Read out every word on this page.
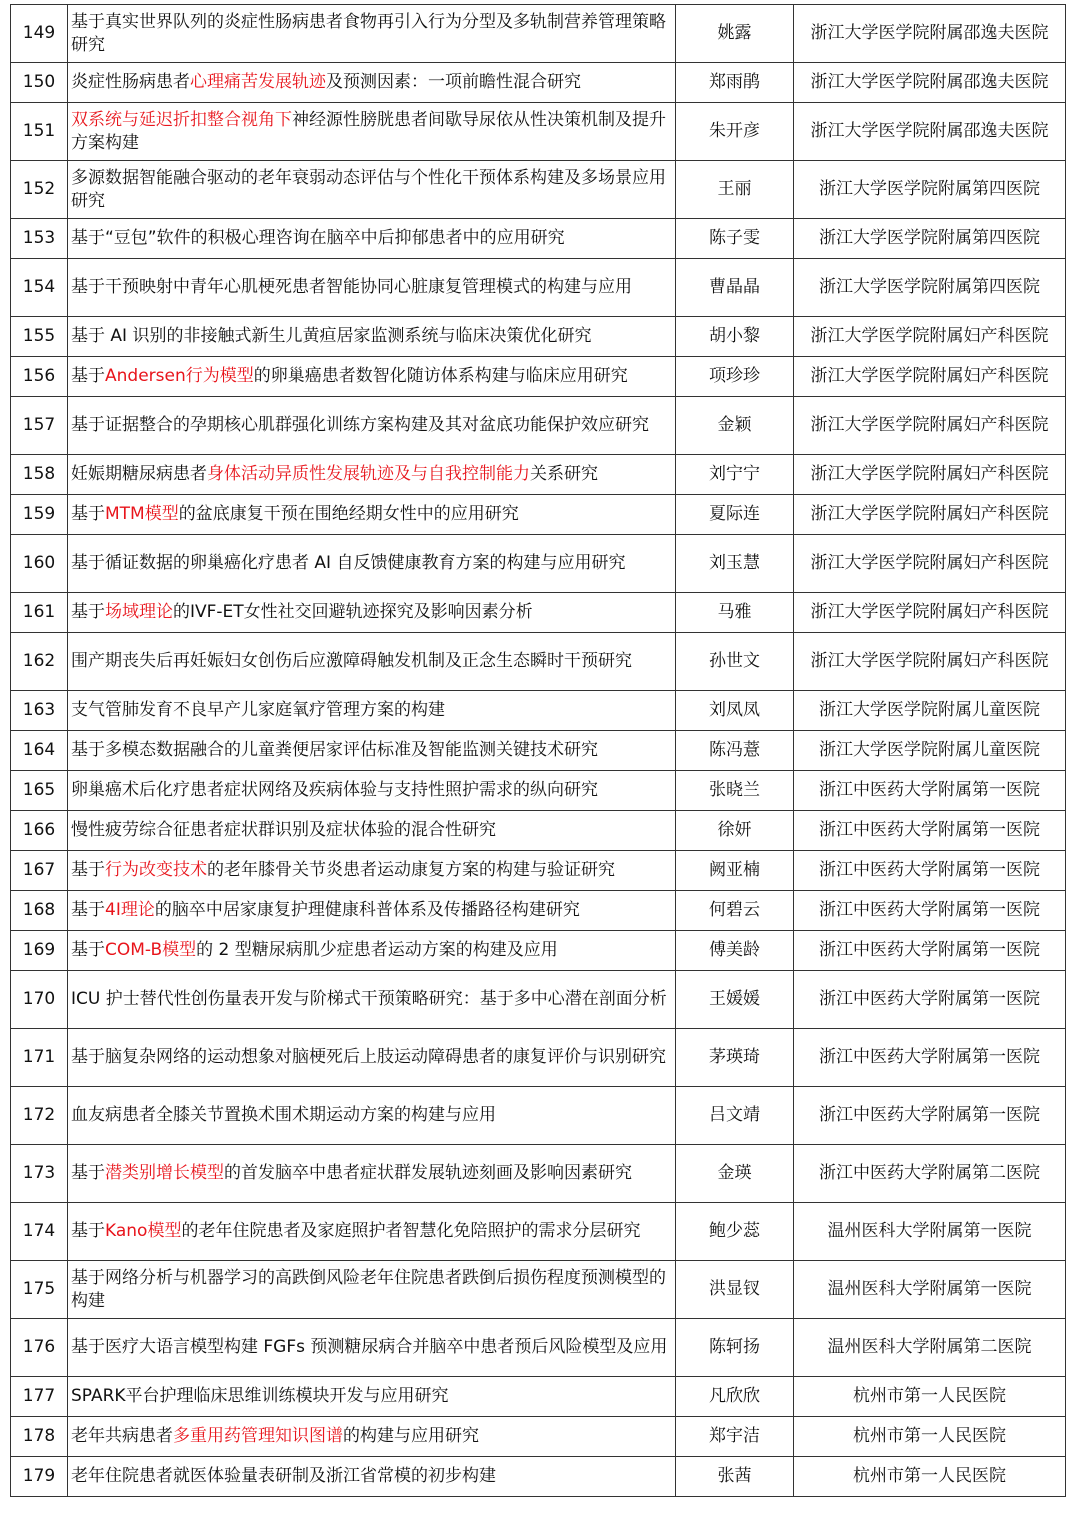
149	基于真实世界队列的炎症性肠病患者食物再引入行为分型及多轨制营养管理策略研究	姚露	浙江大学医学院附属邵逸夫医院
150	炎症性肠病患者心理痛苦发展轨迹及预测因素：一项前瞻性混合研究	郑雨鹃	浙江大学医学院附属邵逸夫医院
151	双系统与延迟折扣整合视角下神经源性膀胱患者间歇导尿依从性决策机制及提升方案构建	朱开彦	浙江大学医学院附属邵逸夫医院
152	多源数据智能融合驱动的老年衰弱动态评估与个性化干预体系构建及多场景应用研究	王丽	浙江大学医学院附属第四医院
153	基于“豆包”软件的积极心理咨询在脑卒中后抑郁患者中的应用研究	陈子雯	浙江大学医学院附属第四医院
154	基于干预映射中青年心肌梗死患者智能协同心脏康复管理模式的构建与应用	曹晶晶	浙江大学医学院附属第四医院
155	基于 AI 识别的非接触式新生儿黄疸居家监测系统与临床决策优化研究	胡小黎	浙江大学医学院附属妇产科医院
156	基于Andersen行为模型的卵巢癌患者数智化随访体系构建与临床应用研究	项珍珍	浙江大学医学院附属妇产科医院
157	基于证据整合的孕期核心肌群强化训练方案构建及其对盆底功能保护效应研究	金颖	浙江大学医学院附属妇产科医院
158	妊娠期糖尿病患者身体活动异质性发展轨迹及与自我控制能力关系研究	刘宁宁	浙江大学医学院附属妇产科医院
159	基于MTM模型的盆底康复干预在围绝经期女性中的应用研究	夏际连	浙江大学医学院附属妇产科医院
160	基于循证数据的卵巢癌化疗患者 AI 自反馈健康教育方案的构建与应用研究	刘玉慧	浙江大学医学院附属妇产科医院
161	基于场域理论的IVF-ET女性社交回避轨迹探究及影响因素分析	马雅	浙江大学医学院附属妇产科医院
162	围产期丧失后再妊娠妇女创伤后应激障碍触发机制及正念生态瞬时干预研究	孙世文	浙江大学医学院附属妇产科医院
163	支气管肺发育不良早产儿家庭氧疗管理方案的构建	刘凤凤	浙江大学医学院附属儿童医院
164	基于多模态数据融合的儿童粪便居家评估标准及智能监测关键技术研究	陈冯薏	浙江大学医学院附属儿童医院
165	卵巢癌术后化疗患者症状网络及疾病体验与支持性照护需求的纵向研究	张晓兰	浙江中医药大学附属第一医院
166	慢性疲劳综合征患者症状群识别及症状体验的混合性研究	徐妍	浙江中医药大学附属第一医院
167	基于行为改变技术的老年膝骨关节炎患者运动康复方案的构建与验证研究	阙亚楠	浙江中医药大学附属第一医院
168	基于4I理论的脑卒中居家康复护理健康科普体系及传播路径构建研究	何碧云	浙江中医药大学附属第一医院
169	基于COM-B模型的 2 型糖尿病肌少症患者运动方案的构建及应用	傅美龄	浙江中医药大学附属第一医院
170	ICU 护士替代性创伤量表开发与阶梯式干预策略研究：基于多中心潜在剖面分析	王媛媛	浙江中医药大学附属第一医院
171	基于脑复杂网络的运动想象对脑梗死后上肢运动障碍患者的康复评价与识别研究	茅瑛琦	浙江中医药大学附属第一医院
172	血友病患者全膝关节置换术围术期运动方案的构建与应用	吕文靖	浙江中医药大学附属第一医院
173	基于潜类别增长模型的首发脑卒中患者症状群发展轨迹刻画及影响因素研究	金瑛	浙江中医药大学附属第二医院
174	基于Kano模型的老年住院患者及家庭照护者智慧化免陪照护的需求分层研究	鲍少蕊	温州医科大学附属第一医院
175	基于网络分析与机器学习的高跌倒风险老年住院患者跌倒后损伤程度预测模型的构建	洪显钗	温州医科大学附属第一医院
176	基于医疗大语言模型构建 FGFs 预测糖尿病合并脑卒中患者预后风险模型及应用	陈轲扬	温州医科大学附属第二医院
177	SPARK平台护理临床思维训练模块开发与应用研究	凡欣欣	杭州市第一人民医院
178	老年共病患者多重用药管理知识图谱的构建与应用研究	郑宇洁	杭州市第一人民医院
179	老年住院患者就医体验量表研制及浙江省常模的初步构建	张茜	杭州市第一人民医院
